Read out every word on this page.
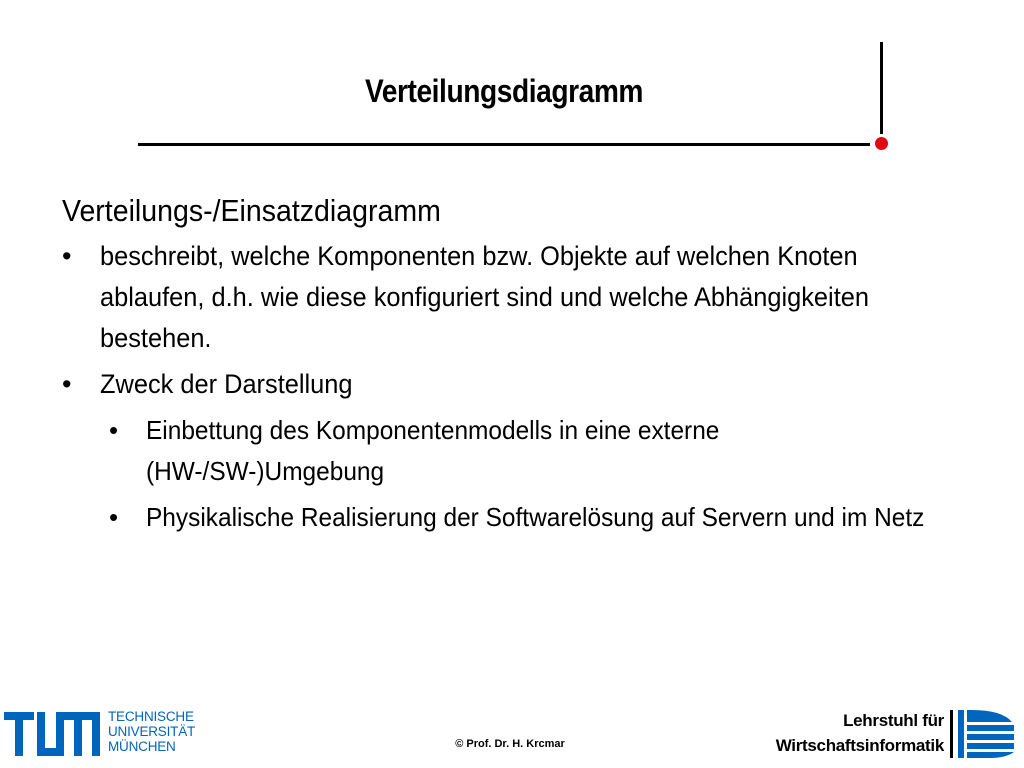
Verteilungsdiagramm
Verteilungs-/Einsatzdiagramm
• beschreibt, welche Komponenten bzw. Objekte auf welchen Knoten ablaufen, d.h. wie diese konfiguriert sind und welche Abhängigkeiten bestehen.
• Zweck der Darstellung
• Einbettung des Komponentenmodells in eine externe (HW-/SW-)Umgebung
• Physikalische Realisierung der Softwarelösung auf Servern und im Netz
TECHNISCHE
UNIVERSITÄT
MÜNCHEN	© Prof. Dr. H. Krcmar
Lehrstuhl für
Wirtschaftsinformatik
